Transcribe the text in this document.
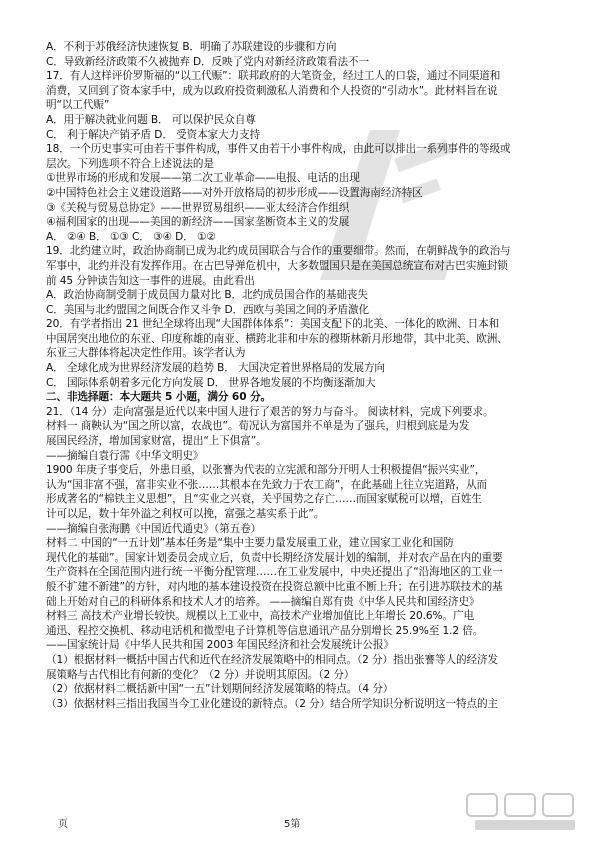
A．不利于苏俄经济快速恢复 B．明确了苏联建设的步骤和方向
C．导致新经济政策不久被抛弃 D．反映了党内对新经济政策看法不一
17．有人这样评价罗斯福的“以工代赈”：联邦政府的大笔资金，经过工人的口袋，通过不同渠道和
消费，又回到了资本家手中，成为以政府投资刺激私人消费和个人投资的“引动水”。此材料旨在说
明“以工代赈”
A．用于解决就业问题 B． 可以保护民众自尊
C． 利于解决产销矛盾 D． 受资本家大力支持
18．一个历史事实可由若干事件构成，事件又由若干小事件构成，由此可以排出一系列事件的等级或
层次。下列选项不符合上述说法的是
①世界市场的形成和发展——第二次工业革命——电报、电话的出现
②中国特色社会主义建设道路——对外开放格局的初步形成——设置海南经济特区
③《关税与贸易总协定》——世界贸易组织——亚太经济合作组织
④福利国家的出现——美国的新经济——国家垄断资本主义的发展
A． ②④ B． ①③ C． ③④ D． ①②
19．北约建立时，政治协商制已成为北约成员国联合与合作的重要细带。然而，在朝鲜战争的政治与
军事中，北约并没有发挥作用。在古巴导弹危机中，大多数盟国只是在美国总统宣布对古巴实施封锁
前 45 分钟读告知这一事件的进展。由此看出
A．政治协商制受制于成员国力量对比 B．北约成员国合作的基础丧失
C．美国与北约盟国之间既合作又斗争 D．西欧与美国之间的矛盾激化
20．有学者指出 21 世纪全球将出现“大国群体体系”：美国支配下的北美、一体化的欧洲、日本和
中国居突出地位的东亚、印度称雄的南亚、横跨北非和中东的穆斯林新月形地带，其中北美、欧洲、
东亚三大群体将起决定性作用。该学者认为
A． 全球化成为世界经济发展的趋势 B． 大国决定着世界格局的发展方向
C． 国际体系朝着多元化方向发展 D． 世界各地发展的不均衡逐渐加大
二、非选择题：本大题共 5 小题，满分 60 分。
21．（14 分）走向富强是近代以来中国人进行了艰苦的努力与奋斗。 阅读材料，完成下列要求。
材料一 商鞅认为“国之所以富，农战也”。荀况认为富国并不单是为了强兵，归根到底是为发
展国民经济，增加国家财富，提出“上下俱富”。
——摘编自袁行霈《中华文明史》
1900 年庚子事变后，外患日亟，以张謇为代表的立宪派和部分开明人士积极提倡“振兴实业”，
认为“国非富不强，富非实业不张……其根本在先致力于农工商”，在此基础上往立宪道路，从而
形成著名的“棉铁主义思想”，且“实业之兴衰，关乎国势之存亡……而国家赋税可以增，百姓生
计可以足，数十年外溢之利权可以挽，富强之基实系于此”。
——摘编自张海鹏《中国近代通史》（第五卷）
材料二 中国的“一五计划”基本任务是“集中主要力量发展重工业，建立国家工业化和国防
现代化的基础”。国家计划委员会成立后，负责中长期经济发展计划的编制，并对农产品在内的重要
生产资料在全国范围内进行统一平衡分配管理……在工业发展中，中央还提出了“沿海地区的工业一
般不扩建不新建”的方针，对内地的基本建设投资在投资总额中比重不断上升；在引进苏联技术的基
础上开始对自己的科研体系和技术人才的培养。 ——摘编自郑有贵《中华人民共和国经济史》
材料三 高技术产业增长较快。规模以上工业中，高技术产业增加值比上年增长 20.6%。广电
通迅、程控交换机、移动电话机和微型电子计算机等信息通讯产品分别增长 25.9%至 1.2 倍。
——国家统计局《中华人民共和国 2003 年国民经济和社会发展统计公报》
（1）根据材料一概括中国古代和近代在经济发展策略中的相同点。（2 分）指出张謇等人的经济发
展策略与古代相比有何新的变化？（2 分）并说明其原因。（2 分）
（2）依据材料二概括新中国“一五”计划期间经济发展策略的特点。（4 分）
（3）依据材料三指出我国当今工业化建设的新特点。（2 分）结合所学知识分析说明这一特点的主
页	5第
